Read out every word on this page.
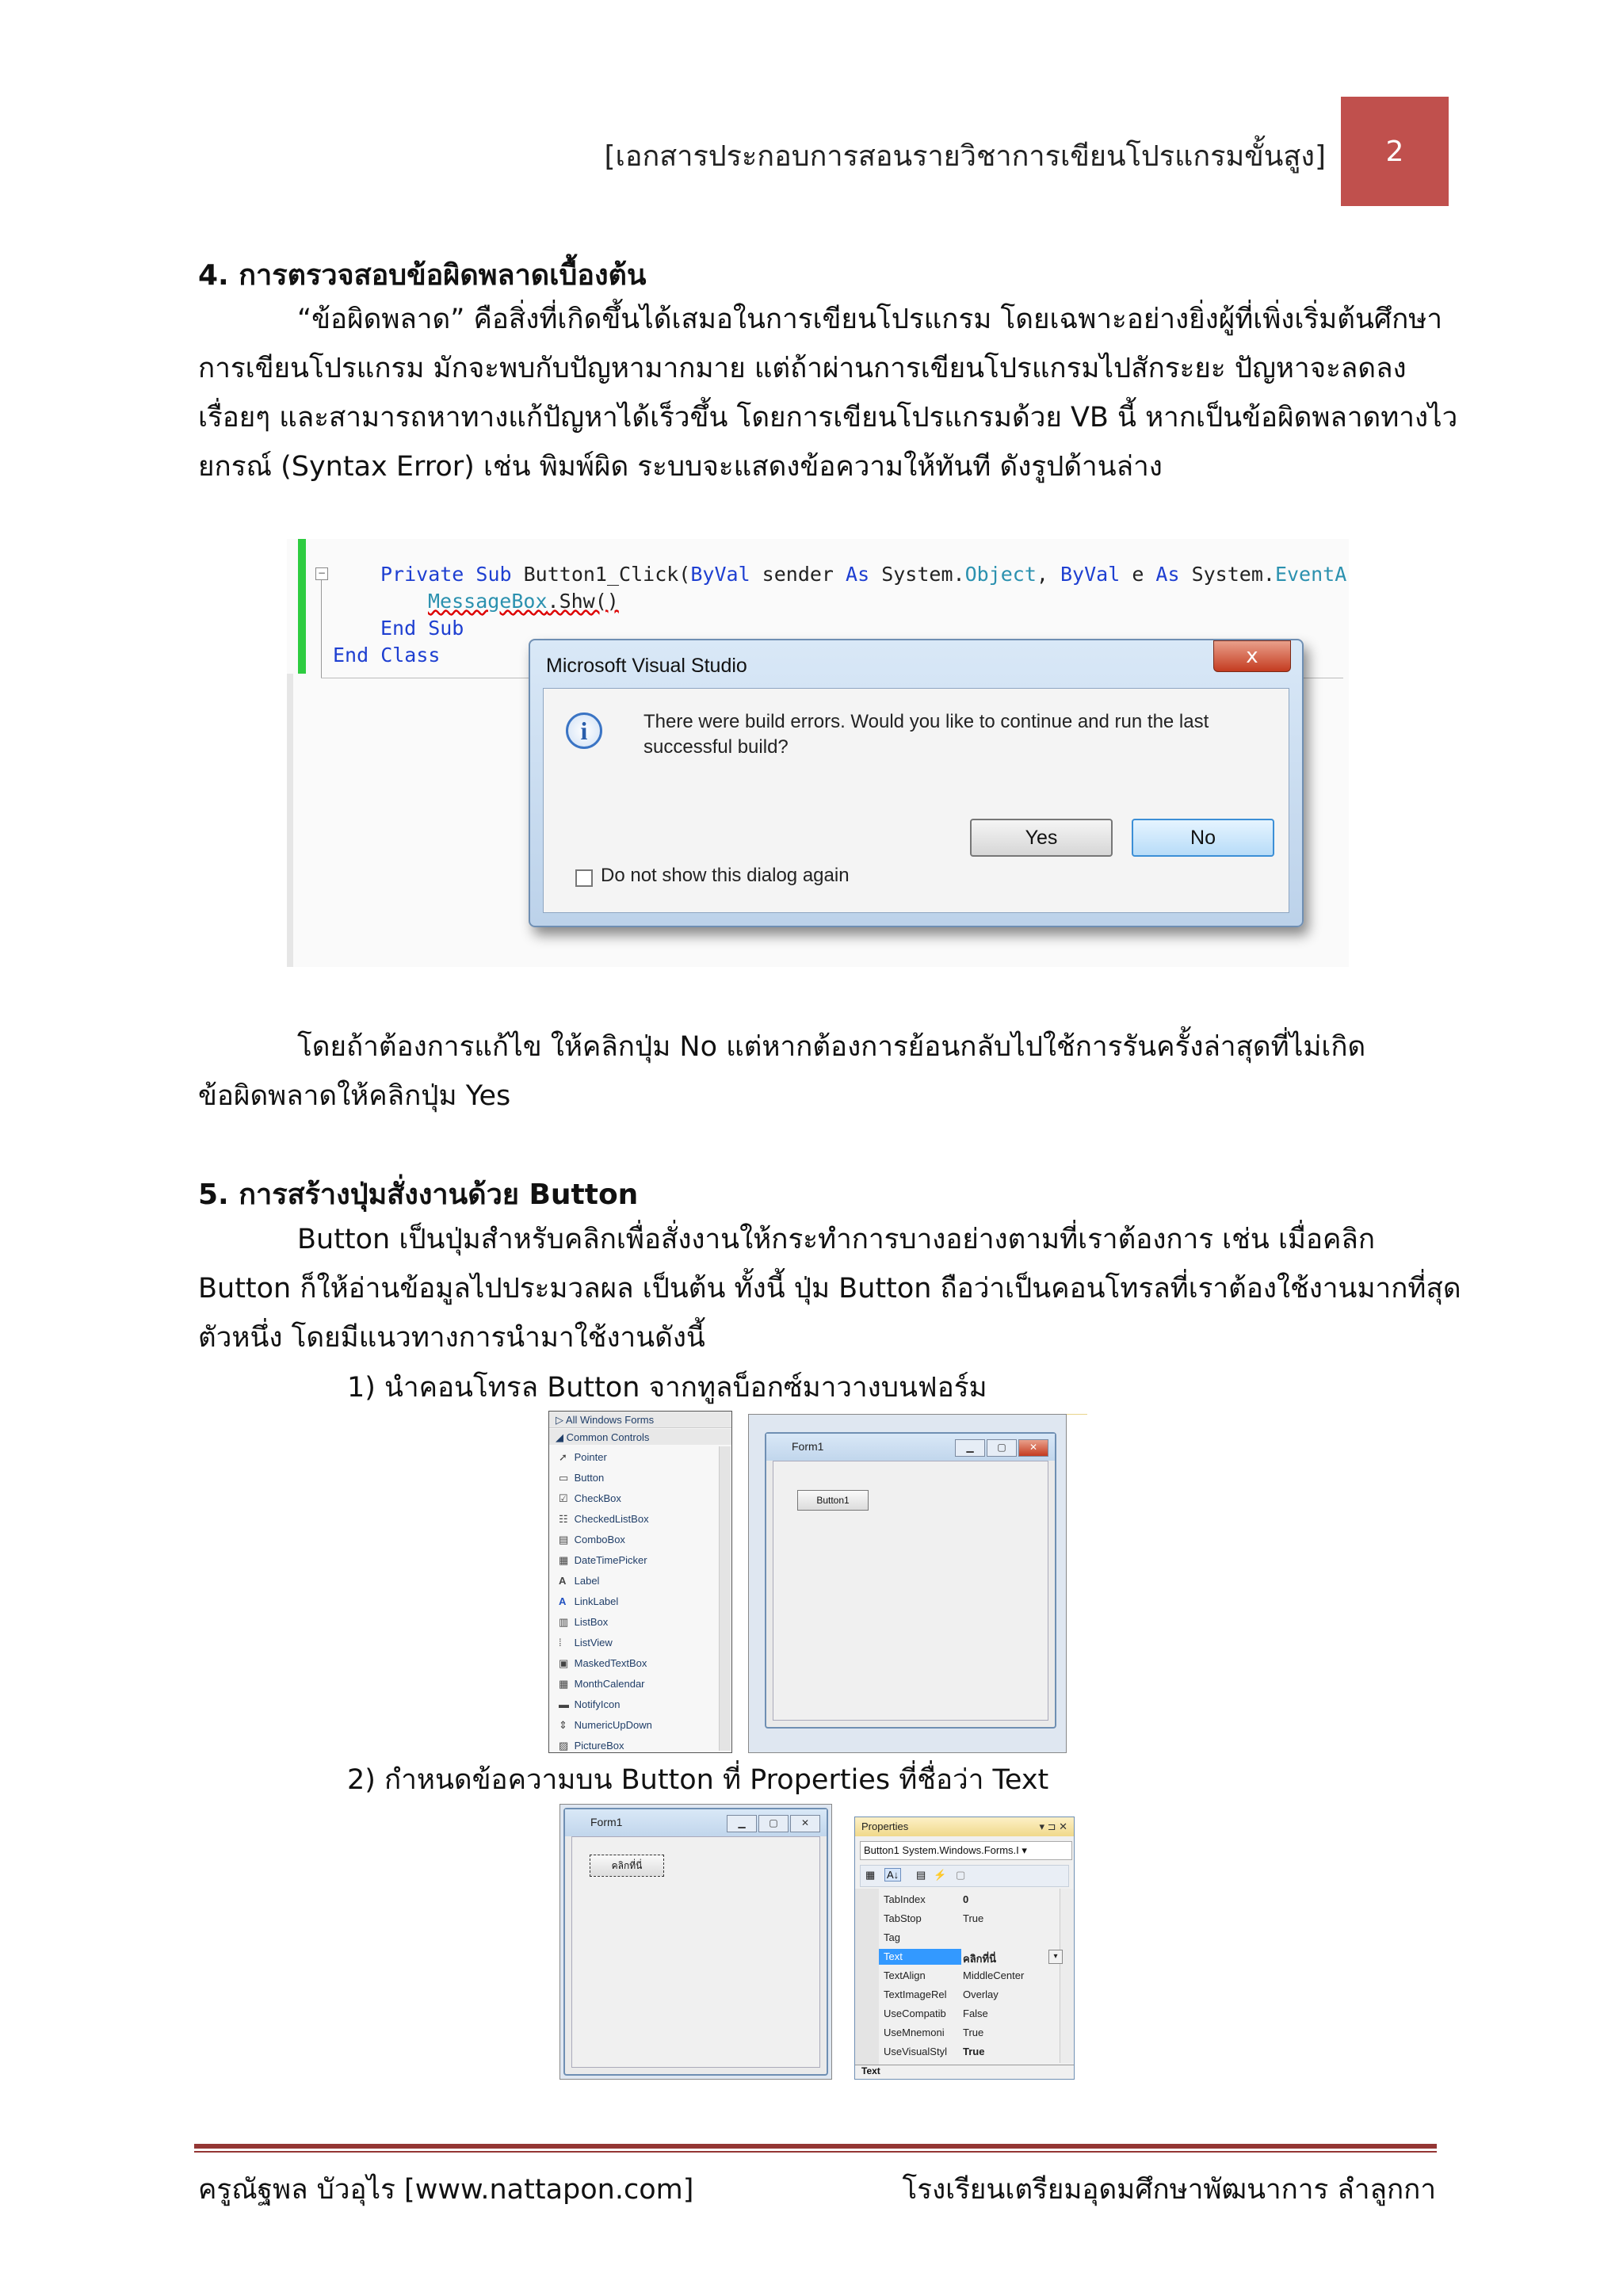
[เอกสารประกอบการสอนรายวิชาการเขียนโปรแกรมขั้นสูง] 2
4. การตรวจสอบข้อผิดพลาดเบื้องต้น
“ข้อผิดพลาด” คือสิ่งที่เกิดขึ้นได้เสมอในการเขียนโปรแกรม โดยเฉพาะอย่างยิ่งผู้ที่เพิ่งเริ่มต้นศึกษา
การเขียนโปรแกรม มักจะพบกับปัญหามากมาย แต่ถ้าผ่านการเขียนโปรแกรมไปสักระยะ ปัญหาจะลดลง
เรื่อยๆ และสามารถหาทางแก้ปัญหาได้เร็วขึ้น โดยการเขียนโปรแกรมด้วย VB นี้ หากเป็นข้อผิดพลาดทางไว
ยกรณ์ (Syntax Error) เช่น พิมพ์ผิด ระบบจะแสดงข้อความให้ทันที ดังรูปด้านล่าง
−	Private Sub Button1_Click(ByVal sender As System.Object, ByVal e As System.EventA
MessageBox.Shw()
End Sub
End Class	Microsoft Visual Studio	x
i	There were build errors. Would you like to continue and run the last successful build?
Yes	No
Do not show this dialog again
โดยถ้าต้องการแก้ไข ให้คลิกปุ่ม No แต่หากต้องการย้อนกลับไปใช้การรันครั้งล่าสุดที่ไม่เกิด
ข้อผิดพลาดให้คลิกปุ่ม Yes
5. การสร้างปุ่มสั่งงานด้วย Button
Button เป็นปุ่มสำหรับคลิกเพื่อสั่งงานให้กระทำการบางอย่างตามที่เราต้องการ เช่น เมื่อคลิก
Button ก็ให้อ่านข้อมูลไปประมวลผล เป็นต้น ทั้งนี้ ปุ่ม Button ถือว่าเป็นคอนโทรลที่เราต้องใช้งานมากที่สุด
ตัวหนึ่ง โดยมีแนวทางการนำมาใช้งานดังนี้
1) นำคอนโทรล Button จากทูลบ็อกซ์มาวางบนฟอร์ม
▷ All Windows Forms
◢ Common Controls
➚ Pointer
▭ Button
☑ CheckBox
☷ CheckedListBox
▤ ComboBox
▦ DateTimePicker
A Label
A LinkLabel
▥ ListBox
⁞ ListView
▣ MaskedTextBox
▦ MonthCalendar
▬ NotifyIcon
⇕ NumericUpDown
▨ PictureBox
Form1	▁	▢	✕
Button1
2) กำหนดข้อความบน Button ที่ Properties ที่ชื่อว่า Text
Form1	▁	▢	✕
คลิกที่นี่
Properties	▾ ⊐ ✕
Button1 System.Windows.Forms.I ▾
▦ A↓ ▤ ⚡ ▢
TabIndex	0
TabStop	True
Tag
Text	คลิกที่นี่	▾
TextAlign	MiddleCenter
TextImageRel Overlay
UseCompatib False
UseMnemoni True
UseVisualStyl True
Text
ครูณัฐพล บัวอุไร [www.nattapon.com]	โรงเรียนเตรียมอุดมศึกษาพัฒนาการ ลำลูกกา
